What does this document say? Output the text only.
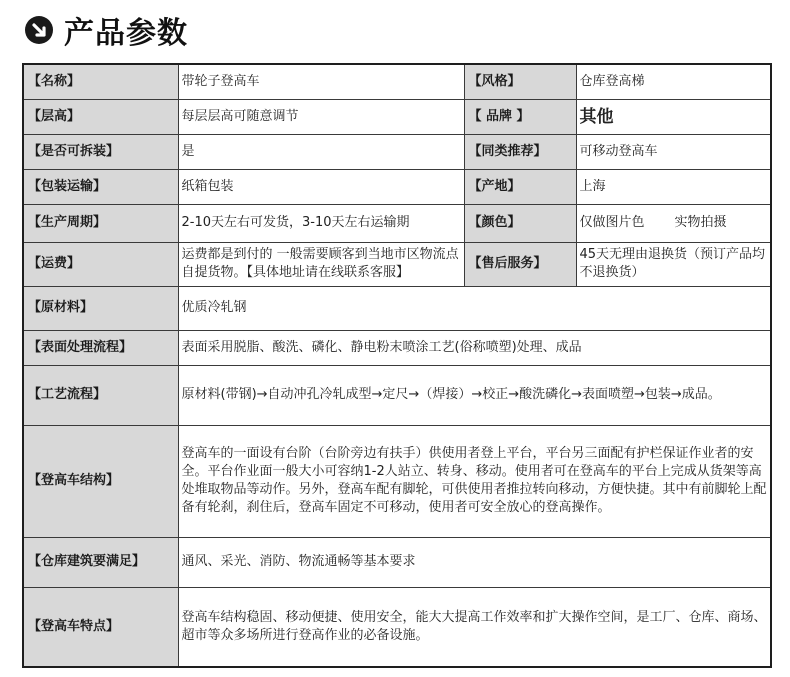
产品参数
【名称】	带轮子登高车	【风格】	仓库登高梯
【层高】	每层层高可随意调节	【 品牌 】	其他
【是否可拆装】	是	【同类推荐】	可移动登高车
【包装运输】	纸箱包装	【产地】	上海
【生产周期】	2-10天左右可发货，3-10天左右运输期	【颜色】	仅做图片色 实物拍摄
【运费】	运费都是到付的 一般需要顾客到当地市区物流点自提货物。【具体地址请在线联系客服】	【售后服务】	45天无理由退换货（预订产品均不退换货）
【原材料】	优质冷轧钢		
【表面处理流程】	表面采用脱脂、酸洗、磷化、静电粉末喷涂工艺(俗称喷塑)处理、成品		
【工艺流程】	原材料(带钢)→自动冲孔冷轧成型→定尺→（焊接）→校正→酸洗磷化→表面喷塑→包装→成品。		
【登高车结构】	登高车的一面设有台阶（台阶旁边有扶手）供使用者登上平台，平台另三面配有护栏保证作业者的安全。平台作业面一般大小可容纳1-2人站立、转身、移动。使用者可在登高车的平台上完成从货架等高处堆取物品等动作。另外，登高车配有脚轮，可供使用者推拉转向移动，方便快捷。其中有前脚轮上配备有轮刹，刹住后，登高车固定不可移动，使用者可安全放心的登高操作。		
【仓库建筑要满足】	通风、采光、消防、物流通畅等基本要求		
【登高车特点】	登高车结构稳固、移动便捷、使用安全，能大大提高工作效率和扩大操作空间，是工厂、仓库、商场、超市等众多场所进行登高作业的必备设施。		
